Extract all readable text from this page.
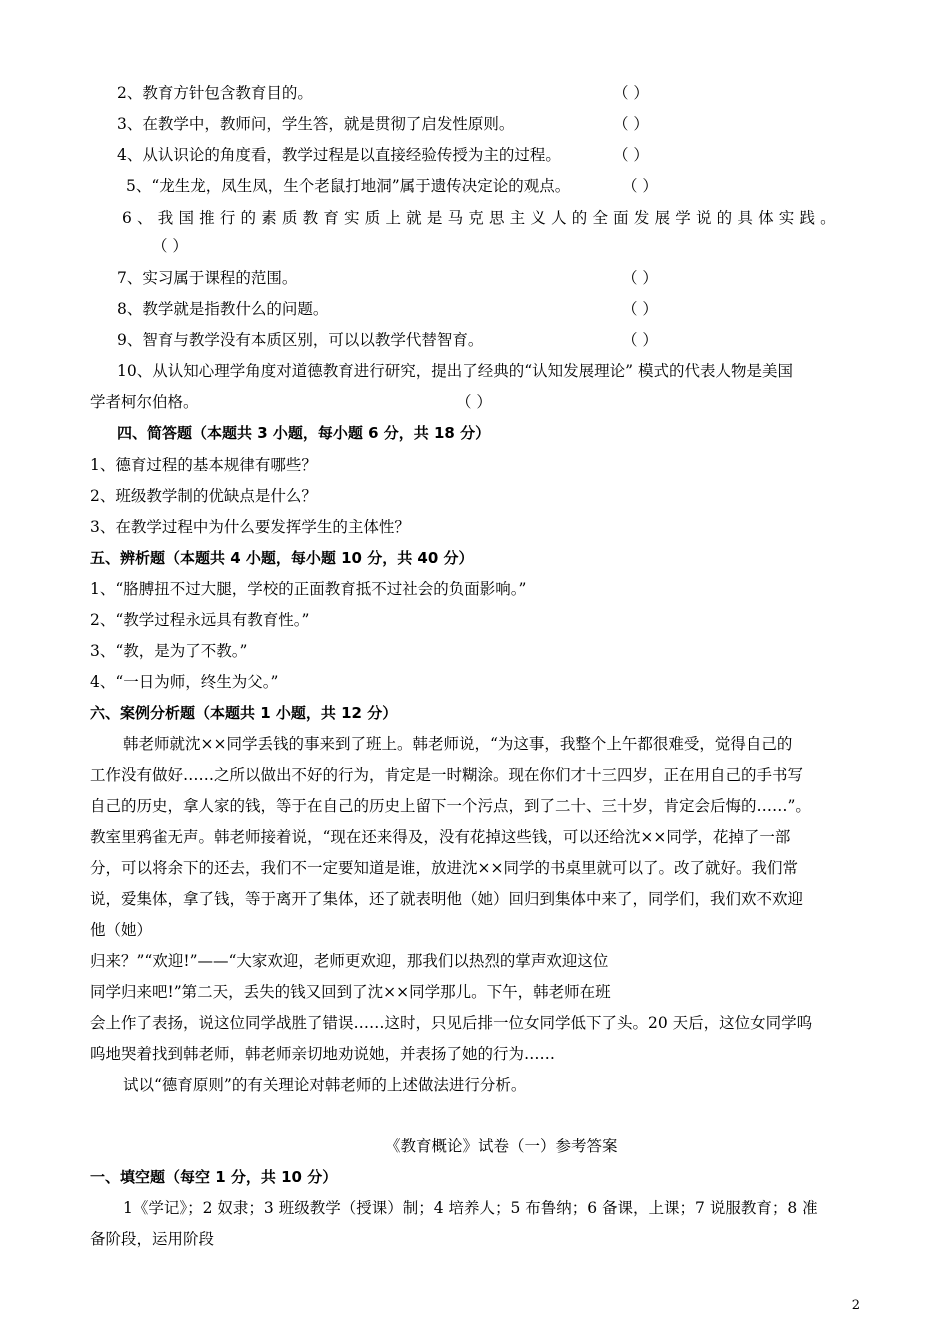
2、教育方针包含教育目的。	（ ）
3、在教学中，教师问，学生答，就是贯彻了启发性原则。	（ ）
4、从认识论的角度看，教学过程是以直接经验传授为主的过程。	（ ）
5、“龙生龙，凤生凤，生个老鼠打地洞”属于遗传决定论的观点。	（ ）
6、我国推行的素质教育实质上就是马克思主义人的全面发展学说的具体实践。
（ ）
7、实习属于课程的范围。	（ ）
8、教学就是指教什么的问题。	（ ）
9、智育与教学没有本质区别，可以以教学代替智育。	（ ）
10、从认知心理学角度对道德教育进行研究，提出了经典的“认知发展理论” 模式的代表人物是美国
学者柯尔伯格。	（ ）
四、简答题（本题共 3 小题，每小题 6 分，共 18 分）
1、德育过程的基本规律有哪些？
2、班级教学制的优缺点是什么？
3、在教学过程中为什么要发挥学生的主体性？
五、辨析题（本题共 4 小题，每小题 10 分，共 40 分）
1、“胳膊扭不过大腿，学校的正面教育抵不过社会的负面影响。”
2、“教学过程永远具有教育性。”
3、“教，是为了不教。”
4、“一日为师，终生为父。”
六、案例分析题（本题共 1 小题，共 12 分）
韩老师就沈××同学丢钱的事来到了班上。韩老师说，“为这事，我整个上午都很难受，觉得自己的
工作没有做好……之所以做出不好的行为，肯定是一时糊涂。现在你们才十三四岁，正在用自己的手书写
自己的历史，拿人家的钱，等于在自己的历史上留下一个污点，到了二十、三十岁，肯定会后悔的……”。
教室里鸦雀无声。韩老师接着说，“现在还来得及，没有花掉这些钱，可以还给沈××同学，花掉了一部
分，可以将余下的还去，我们不一定要知道是谁，放进沈××同学的书桌里就可以了。改了就好。我们常
说，爱集体，拿了钱，等于离开了集体，还了就表明他（她）回归到集体中来了，同学们，我们欢不欢迎
他（她）
归来？”“欢迎!”——“大家欢迎，老师更欢迎，那我们以热烈的掌声欢迎这位
同学归来吧!”第二天，丢失的钱又回到了沈××同学那儿。下午，韩老师在班
会上作了表扬，说这位同学战胜了错误……这时，只见后排一位女同学低下了头。20 天后，这位女同学呜
呜地哭着找到韩老师，韩老师亲切地劝说她，并表扬了她的行为……
试以“德育原则”的有关理论对韩老师的上述做法进行分析。
《教育概论》试卷（一）参考答案
一、填空题（每空 1 分，共 10 分）
1《学记》；2 奴隶；3 班级教学（授课）制；4 培养人；5 布鲁纳；6 备课，上课；7 说服教育；8 准
备阶段，运用阶段
2
